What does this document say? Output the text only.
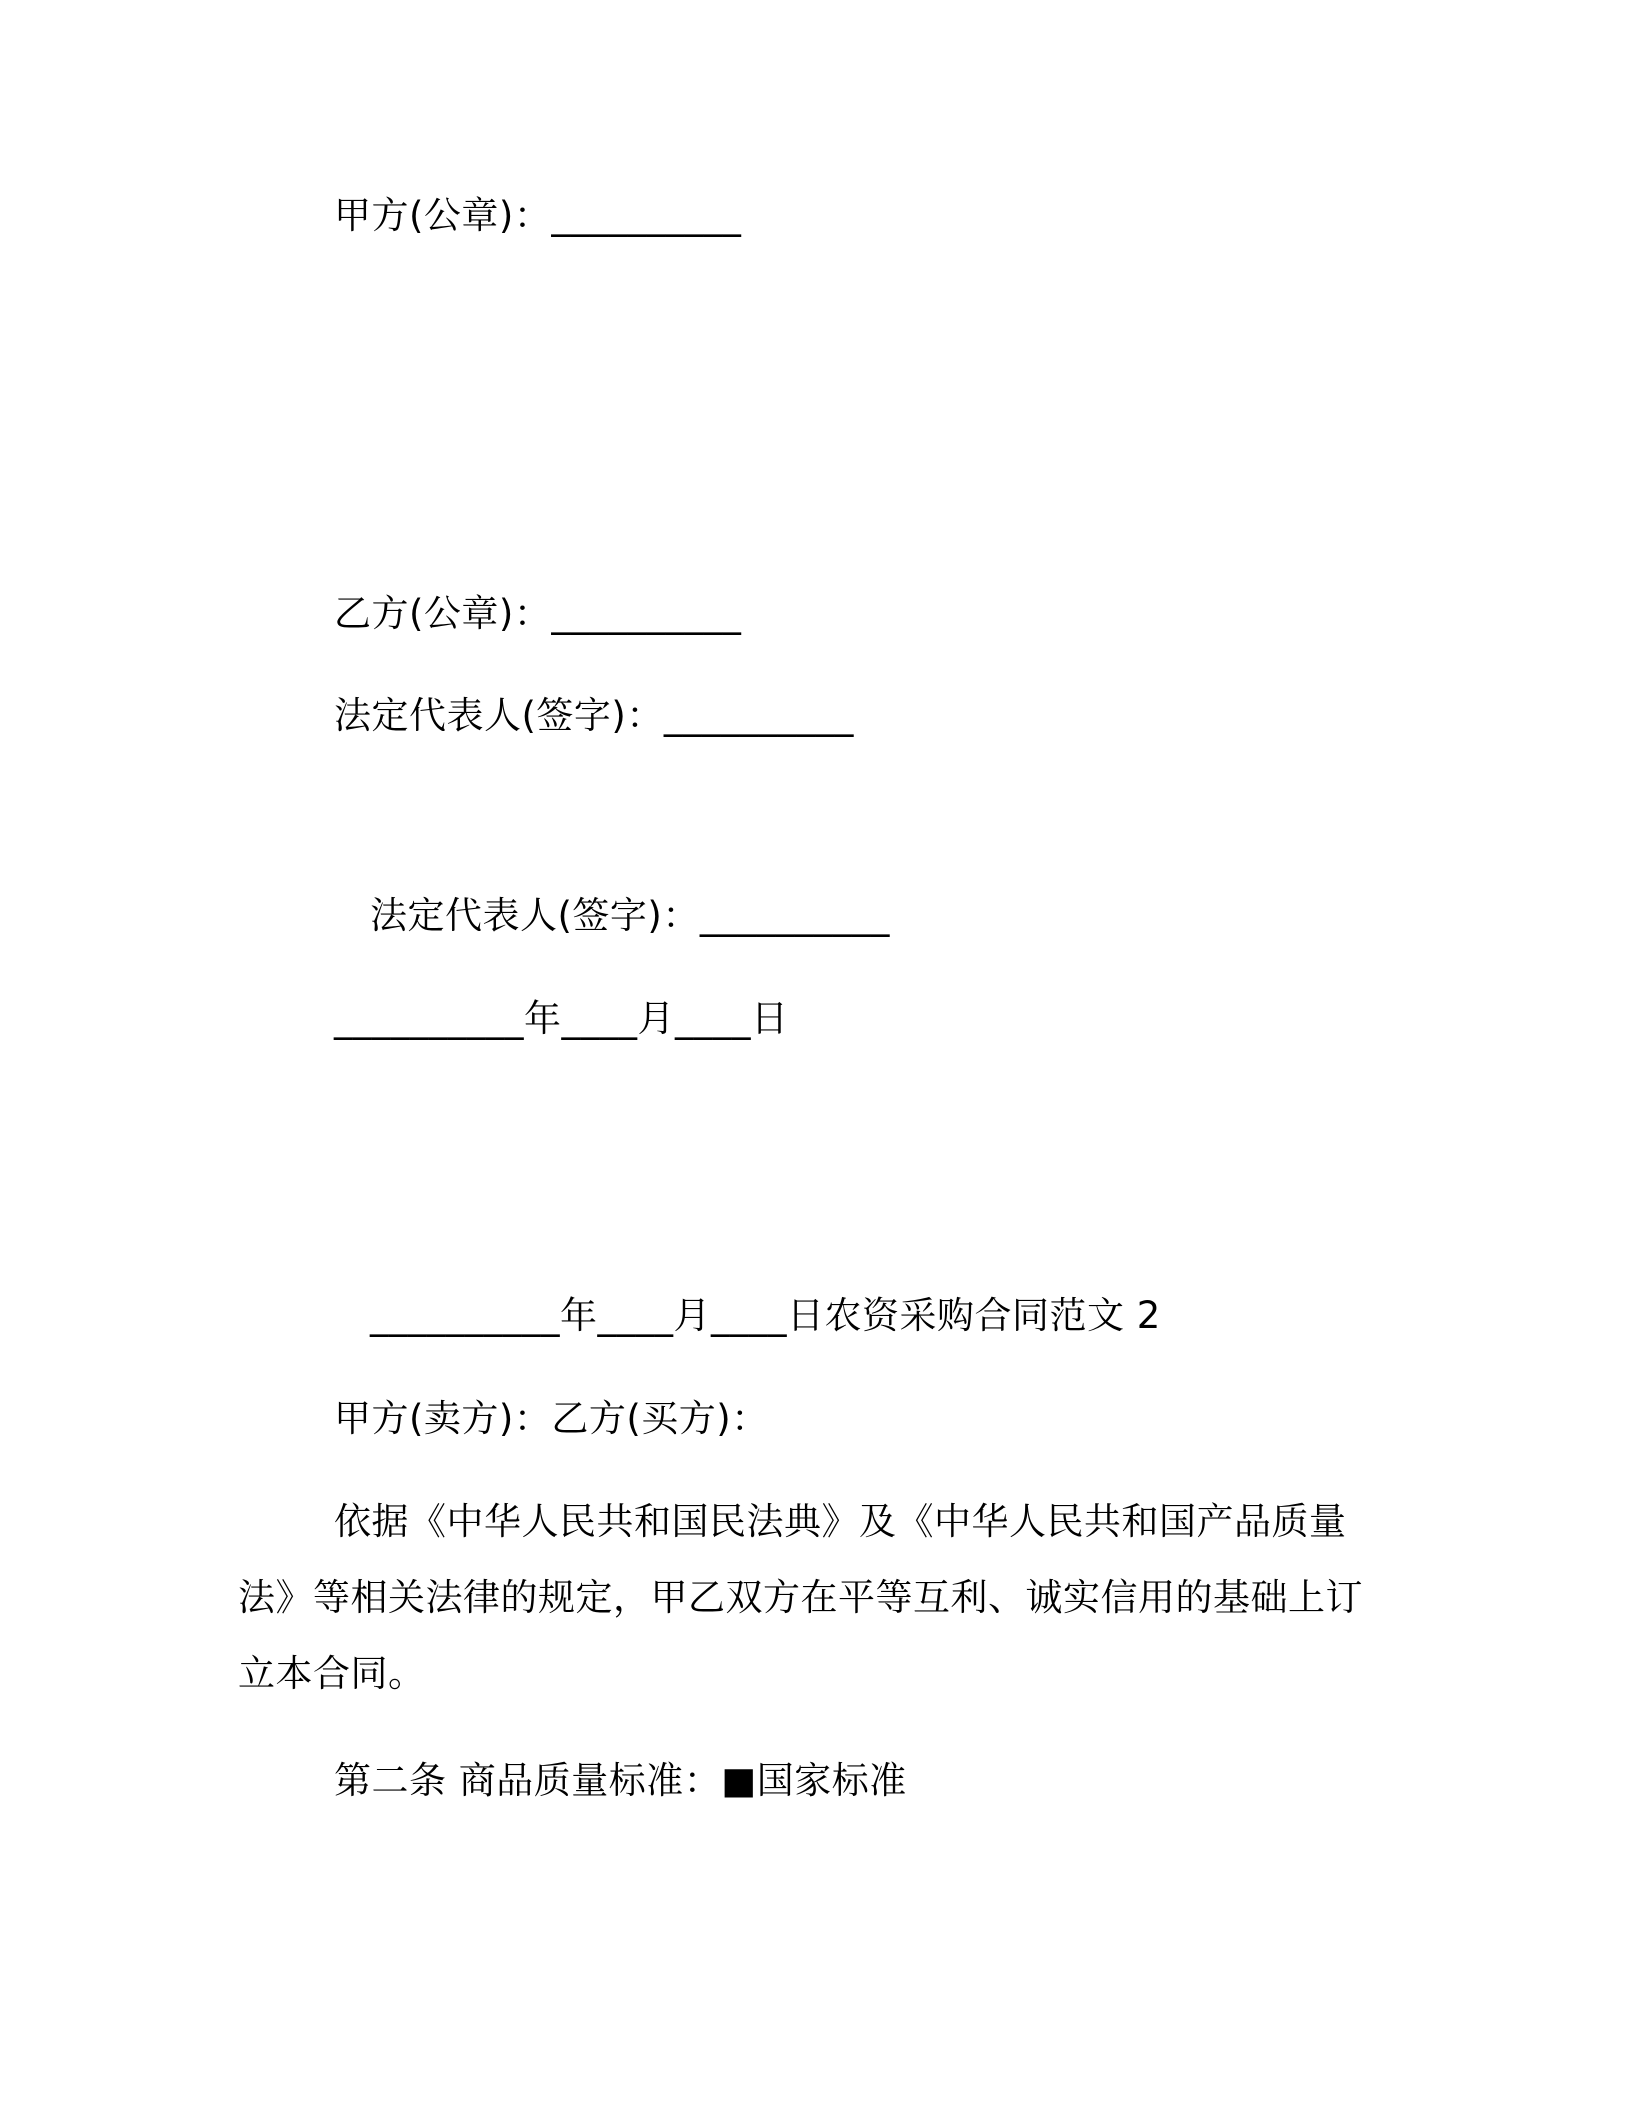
甲方(公章)：__________
乙方(公章)：__________
法定代表人(签字)：__________
法定代表人(签字)：__________
__________年____月____日
__________年____月____日农资采购合同范文 2
甲方(卖方)：乙方(买方)：
依据《中华人民共和国民法典》及《中华人民共和国产品质量法》等相关法律的规定，甲乙双方在平等互利、诚实信用的基础上订立本合同。
第二条 商品质量标准：■国家标准
